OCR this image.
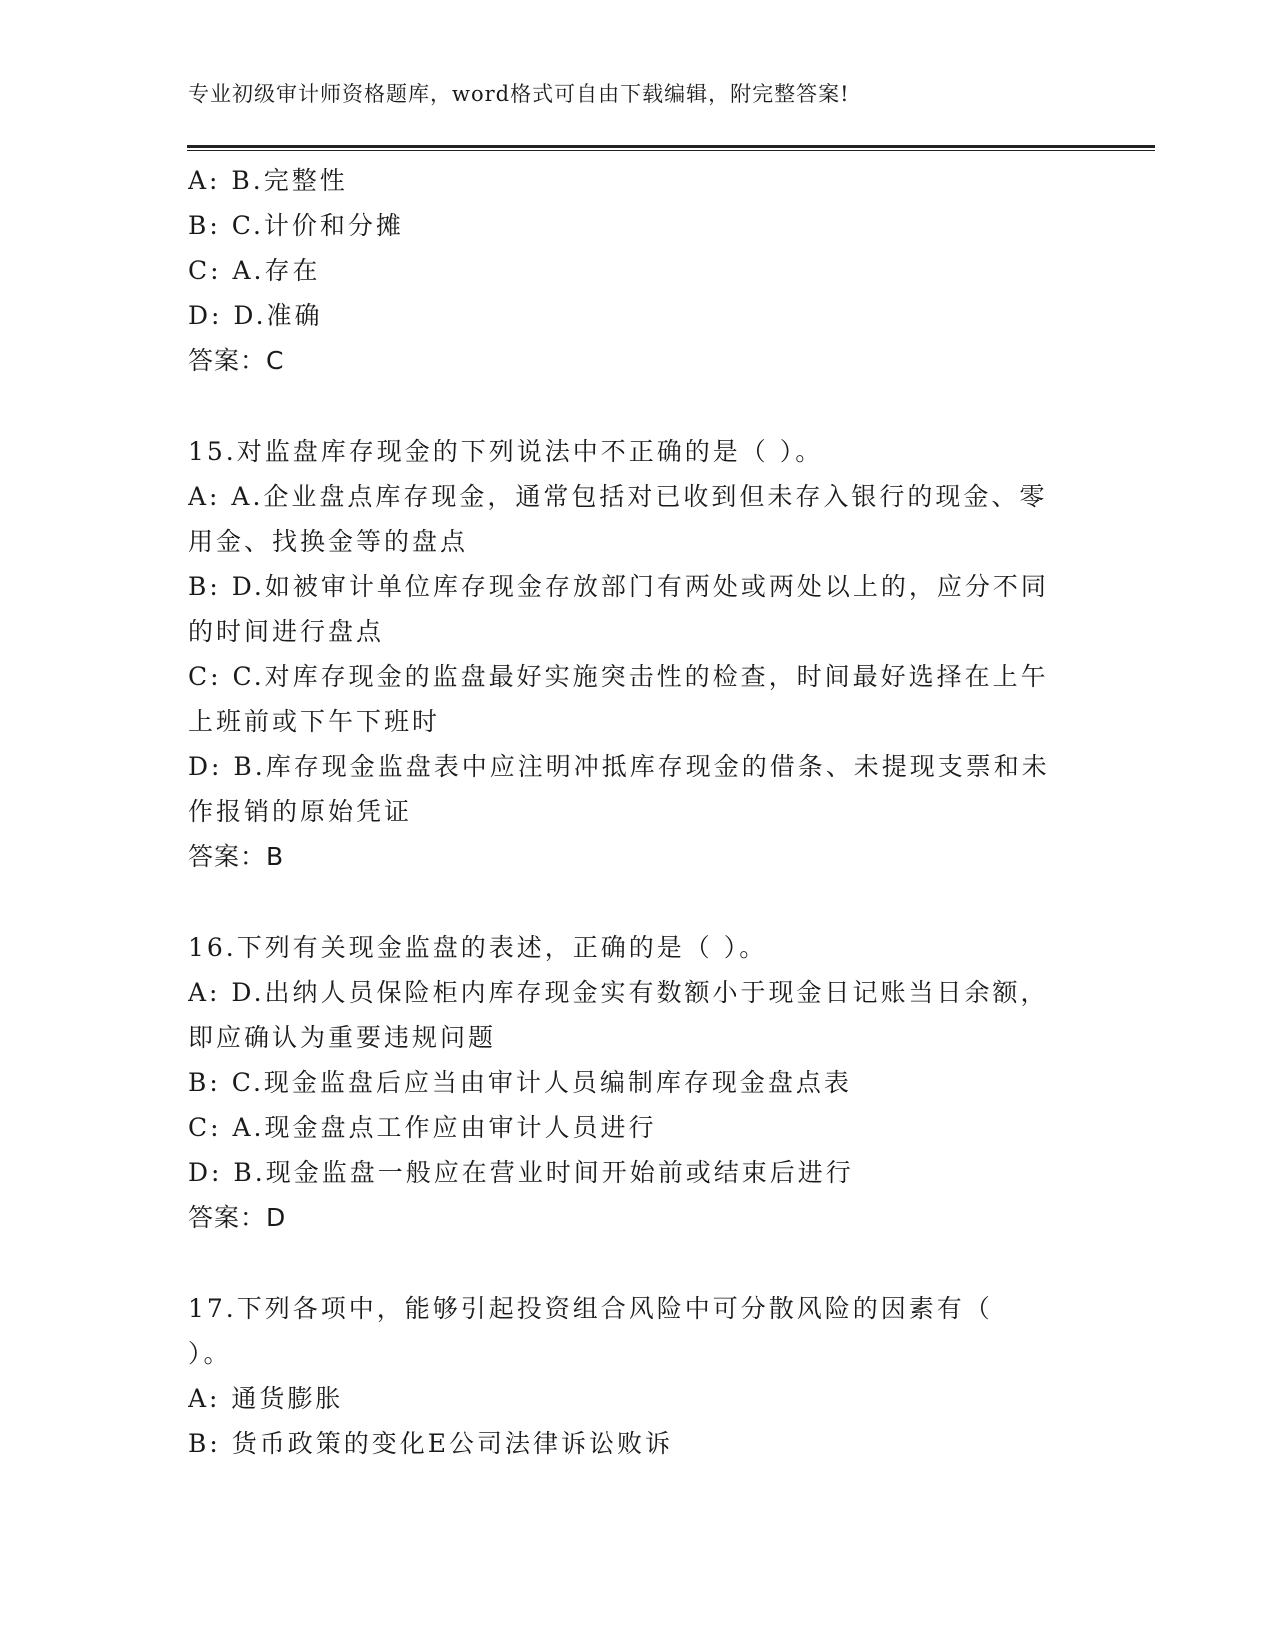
专业初级审计师资格题库，word格式可自由下载编辑，附完整答案!
A: B.完整性
B: C.计价和分摊
C: A.存在
D: D.准确
答案：C
15.对监盘库存现金的下列说法中不正确的是（ ）。
A: A.企业盘点库存现金，通常包括对已收到但未存入银行的现金、零
用金、找换金等的盘点
B: D.如被审计单位库存现金存放部门有两处或两处以上的，应分不同
的时间进行盘点
C: C.对库存现金的监盘最好实施突击性的检查，时间最好选择在上午
上班前或下午下班时
D: B.库存现金监盘表中应注明冲抵库存现金的借条、未提现支票和未
作报销的原始凭证
答案：B
16.下列有关现金监盘的表述，正确的是（ ）。
A: D.出纳人员保险柜内库存现金实有数额小于现金日记账当日余额，
即应确认为重要违规问题
B: C.现金监盘后应当由审计人员编制库存现金盘点表
C: A.现金盘点工作应由审计人员进行
D: B.现金监盘一般应在营业时间开始前或结束后进行
答案：D
17.下列各项中，能够引起投资组合风险中可分散风险的因素有（
）。
A: 通货膨胀
B: 货币政策的变化E公司法律诉讼败诉
